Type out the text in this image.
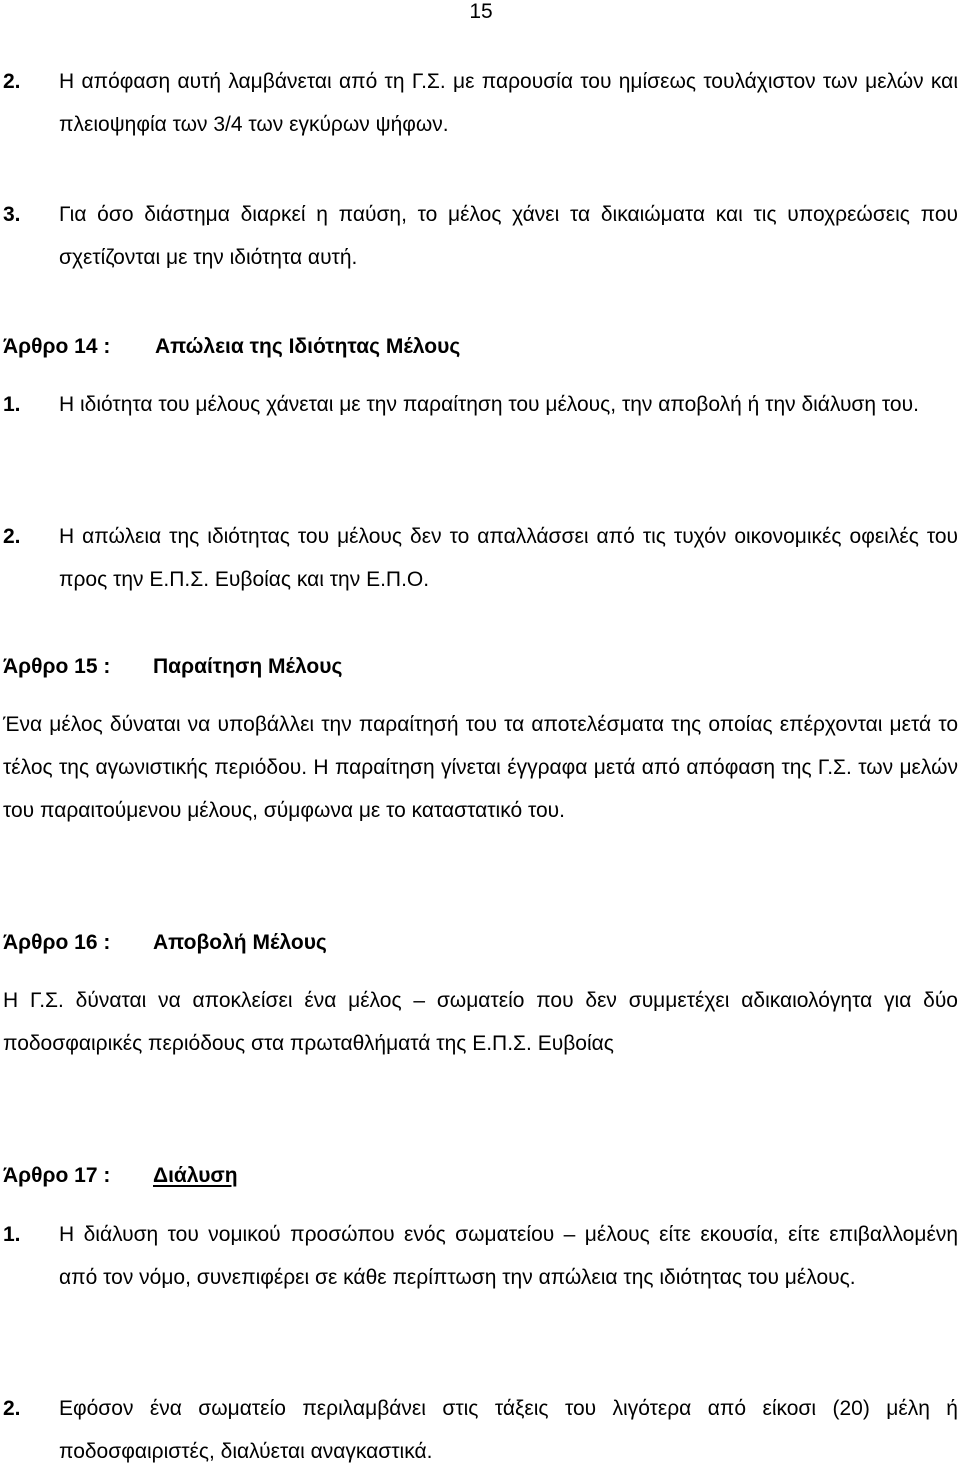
15
2.	Η απόφαση αυτή λαμβάνεται από τη Γ.Σ. με παρουσία του ημίσεως τουλάχιστον των μελών και πλειοψηφία των 3/4 των εγκύρων ψήφων.
3.	Για όσο διάστημα διαρκεί η παύση, το μέλος χάνει τα δικαιώματα και τις υποχρεώσεις που σχετίζονται με την ιδιότητα αυτή.
Άρθρο 14 : Απώλεια της Ιδιότητας Μέλους
1.	Η ιδιότητα του μέλους χάνεται με την παραίτηση του μέλους, την αποβολή ή την διάλυση του.
2.	Η απώλεια της ιδιότητας του μέλους δεν το απαλλάσσει από τις τυχόν οικονομικές οφειλές του προς την Ε.Π.Σ. Ευβοίας και την Ε.Π.Ο.
Άρθρο 15 : Παραίτηση Μέλους
Ένα μέλος δύναται να υποβάλλει την παραίτησή του τα αποτελέσματα της οποίας επέρχονται μετά το τέλος της αγωνιστικής περιόδου. Η παραίτηση γίνεται έγγραφα μετά από απόφαση της Γ.Σ. των μελών του παραιτούμενου μέλους, σύμφωνα με το καταστατικό του.
Άρθρο 16 : Αποβολή Μέλους
Η Γ.Σ. δύναται να αποκλείσει ένα μέλος – σωματείο που δεν συμμετέχει αδικαιολόγητα για δύο ποδοσφαιρικές περιόδους στα πρωταθλήματά της Ε.Π.Σ. Ευβοίας
Άρθρο 17 : Διάλυση
1.	Η διάλυση του νομικού προσώπου ενός σωματείου – μέλους είτε εκουσία, είτε επιβαλλομένη από τον νόμο, συνεπιφέρει σε κάθε περίπτωση την απώλεια της ιδιότητας του μέλους.
2.	Εφόσον ένα σωματείο περιλαμβάνει στις τάξεις του λιγότερα από είκοσι (20) μέλη ή ποδοσφαιριστές, διαλύεται αναγκαστικά.
